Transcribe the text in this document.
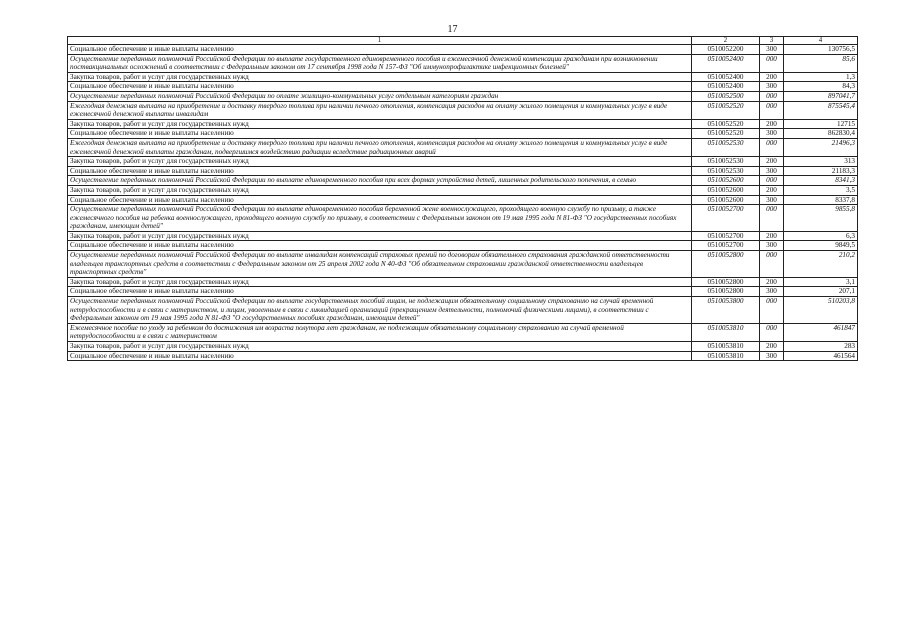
17
1	2	3	4
Социальное обеспечение и иные выплаты населению	0510052200	300	130756,5
Осуществление переданных полномочий Российской Федерации по выплате государственного единовременного пособия и ежемесячной денежной компенсации гражданам при возникновении поствакцинальных осложнений в соответствии с Федеральным законом от 17 сентября 1998 года N 157-ФЗ "Об иммунопрофилактике инфекционных болезней"	0510052400	000	85,6
Закупка товаров, работ и услуг для государственных нужд	0510052400	200	1,3
Социальное обеспечение и иные выплаты населению	0510052400	300	84,3
Осуществление переданных полномочий Российской Федерации по оплате жилищно-коммунальных услуг отдельным категориям граждан	0510052500	000	897041,7
Ежегодная денежная выплата на приобретение и доставку твердого топлива при наличии печного отопления, компенсация расходов на оплату жилого помещения и коммунальных услуг в виде ежемесячной денежной выплаты инвалидам	0510052520	000	875545,4
Закупка товаров, работ и услуг для государственных нужд	0510052520	200	12715
Социальное обеспечение и иные выплаты населению	0510052520	300	862830,4
Ежегодная денежная выплата на приобретение и доставку твердого топлива при наличии печного отопления, компенсация расходов на оплату жилого помещения и коммунальных услуг в виде ежемесячной денежной выплаты гражданам, подвергшимся воздействию радиации вследствие радиационных аварий	0510052530	000	21496,3
Закупка товаров, работ и услуг для государственных нужд	0510052530	200	313
Социальное обеспечение и иные выплаты населению	0510052530	300	21183,3
Осуществление переданных полномочий Российской Федерации по выплате единовременного пособия при всех формах устройства детей, лишенных родительского попечения, в семью	0510052600	000	8341,3
Закупка товаров, работ и услуг для государственных нужд	0510052600	200	3,5
Социальное обеспечение и иные выплаты населению	0510052600	300	8337,8
Осуществление переданных полномочий Российской Федерации по выплате единовременного пособия беременной жене военнослужащего, проходящего военную службу по призыву, а также ежемесячного пособия на ребенка военнослужащего, проходящего военную службу по призыву, в соответствии с Федеральным законом от 19 мая 1995 года N 81-ФЗ "О государственных пособиях гражданам, имеющим детей"	0510052700	000	9855,8
Закупка товаров, работ и услуг для государственных нужд	0510052700	200	6,3
Социальное обеспечение и иные выплаты населению	0510052700	300	9849,5
Осуществление переданных полномочий Российской Федерации по выплате инвалидам компенсаций страховых премий по договорам обязательного страхования гражданской ответственности владельцев транспортных средств в соответствии с Федеральным законом от 25 апреля 2002 года N 40-ФЗ "Об обязательном страховании гражданской ответственности владельцев транспортных средств"	0510052800	000	210,2
Закупка товаров, работ и услуг для государственных нужд	0510052800	200	3,1
Социальное обеспечение и иные выплаты населению	0510052800	300	207,1
Осуществление переданных полномочий Российской Федерации по выплате государственных пособий лицам, не подлежащим обязательному социальному страхованию на случай временной нетрудоспособности и в связи с материнством, и лицам, уволенным в связи с ликвидацией организаций (прекращением деятельности, полномочий физическими лицами), в соответствии с Федеральным законом от 19 мая 1995 года N 81-ФЗ "О государственных пособиях гражданам, имеющим детей"	0510053800	000	510203,8
Ежемесячное пособие по уходу за ребенком до достижения им возраста полутора лет гражданам, не подлежащим обязательному социальному страхованию на случай временной нетрудоспособности и в связи с материнством	0510053810	000	461847
Закупка товаров, работ и услуг для государственных нужд	0510053810	200	283
Социальное обеспечение и иные выплаты населению	0510053810	300	461564
